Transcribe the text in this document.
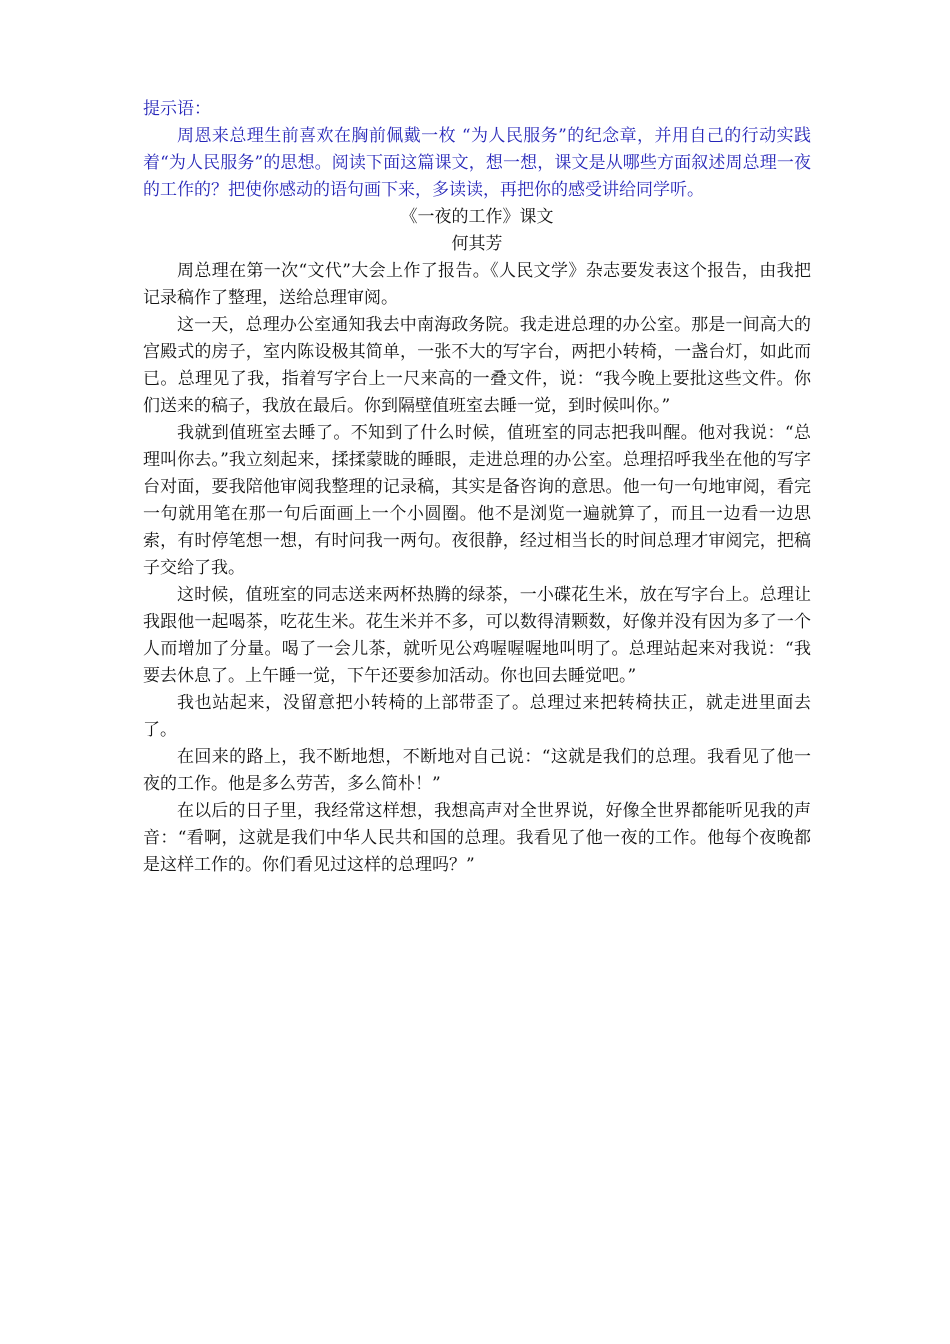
提示语：

周恩来总理生前喜欢在胸前佩戴一枚 “为人民服务”的纪念章，并用自己的行动实践着“为人民服务”的思想。阅读下面这篇课文，想一想，课文是从哪些方面叙述周总理一夜的工作的？把使你感动的语句画下来，多读读，再把你的感受讲给同学听。

《一夜的工作》课文

何其芳

周总理在第一次“文代”大会上作了报告。《人民文学》杂志要发表这个报告，由我把记录稿作了整理，送给总理审阅。

这一天，总理办公室通知我去中南海政务院。我走进总理的办公室。那是一间高大的宫殿式的房子，室内陈设极其简单，一张不大的写字台，两把小转椅，一盏台灯，如此而已。总理见了我，指着写字台上一尺来高的一叠文件，说：“我今晚上要批这些文件。你们送来的稿子，我放在最后。你到隔壁值班室去睡一觉，到时候叫你。”

我就到值班室去睡了。不知到了什么时候，值班室的同志把我叫醒。他对我说：“总理叫你去。”我立刻起来，揉揉蒙眬的睡眼，走进总理的办公室。总理招呼我坐在他的写字台对面，要我陪他审阅我整理的记录稿，其实是备咨询的意思。他一句一句地审阅，看完一句就用笔在那一句后面画上一个小圆圈。他不是浏览一遍就算了，而且一边看一边思索，有时停笔想一想，有时问我一两句。夜很静，经过相当长的时间总理才审阅完，把稿子交给了我。

这时候，值班室的同志送来两杯热腾的绿茶，一小碟花生米，放在写字台上。总理让我跟他一起喝茶，吃花生米。花生米并不多，可以数得清颗数，好像并没有因为多了一个人而增加了分量。喝了一会儿茶，就听见公鸡喔喔喔地叫明了。总理站起来对我说：“我要去休息了。上午睡一觉，下午还要参加活动。你也回去睡觉吧。”

我也站起来，没留意把小转椅的上部带歪了。总理过来把转椅扶正，就走进里面去了。

在回来的路上，我不断地想，不断地对自己说：“这就是我们的总理。我看见了他一夜的工作。他是多么劳苦，多么简朴！”

在以后的日子里，我经常这样想，我想高声对全世界说，好像全世界都能听见我的声音：“看啊，这就是我们中华人民共和国的总理。我看见了他一夜的工作。他每个夜晚都是这样工作的。你们看见过这样的总理吗？”
